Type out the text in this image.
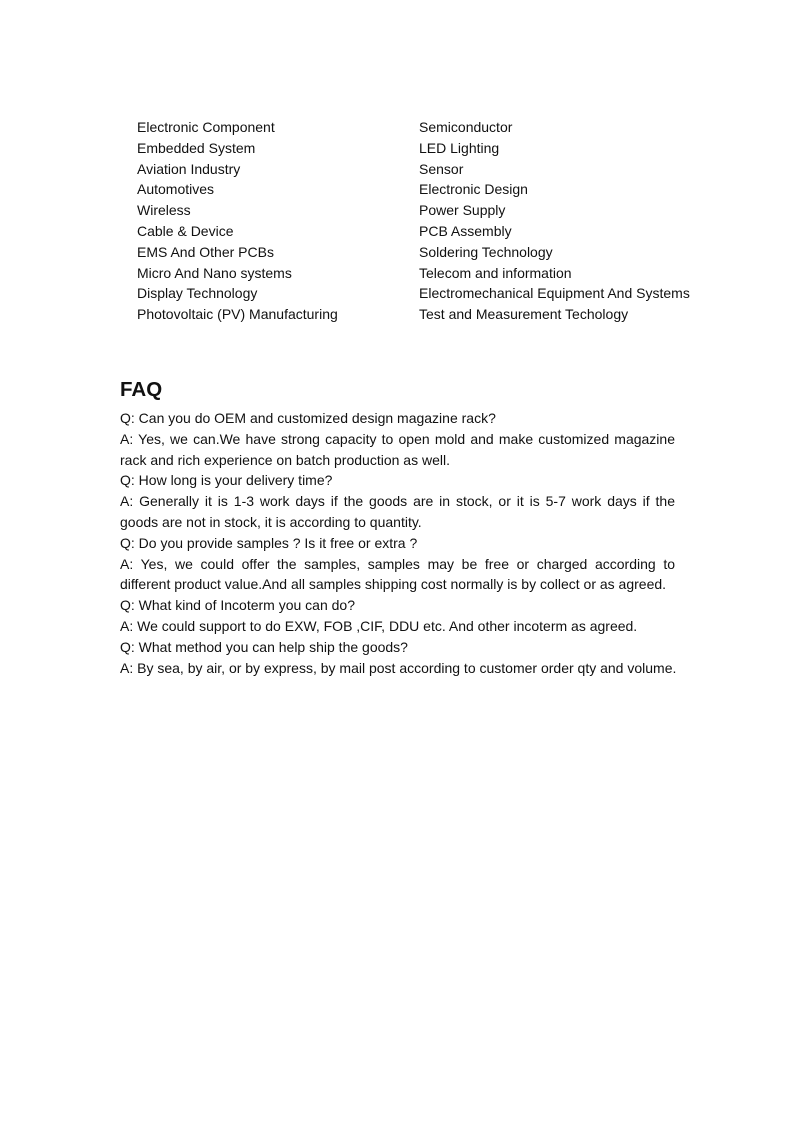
Electronic Component
Embedded System
Aviation Industry
Automotives
Wireless
Cable & Device
EMS And Other PCBs
Micro And Nano systems
Display Technology
Photovoltaic (PV) Manufacturing
Semiconductor
LED Lighting
Sensor
Electronic Design
Power Supply
PCB Assembly
Soldering Technology
Telecom and information
Electromechanical Equipment And Systems
Test and Measurement Techology
FAQ

Q: Can you do OEM and customized design magazine rack?

A: Yes, we can.We have strong capacity to open mold and make customized magazine rack and rich experience on batch production as well.

Q: How long is your delivery time?

A: Generally it is 1-3 work days if the goods are in stock, or it is 5-7 work days if the goods are not in stock, it is according to quantity.

Q: Do you provide samples ? Is it free or extra ?

A: Yes, we could offer the samples, samples may be free or charged according to different product value.And all samples shipping cost normally is by collect or as agreed.

Q: What kind of Incoterm you can do?

A: We could support to do EXW, FOB ,CIF, DDU etc. And other incoterm as agreed.

Q: What method you can help ship the goods?

A: By sea, by air, or by express, by mail post according to customer order qty and volume.
